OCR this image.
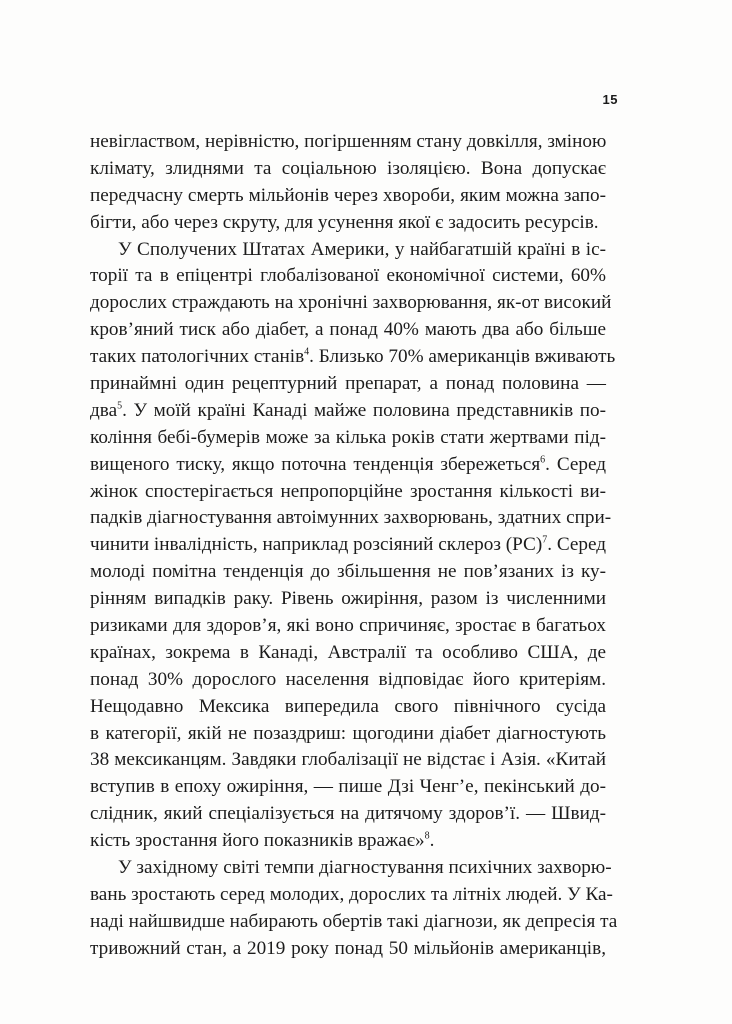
15
невіглаством, нерівністю, погіршенням стану довкілля, зміною
клімату, злиднями та соціальною ізоляцією. Вона допускає
передчасну смерть мільйонів через хвороби, яким можна запо-
бігти, або через скруту, для усунення якої є задосить ресурсів.
У Сполучених Штатах Америки, у найбагатшій країні в іс-
торії та в епіцентрі глобалізованої економічної системи, 60%
дорослих страждають на хронічні захворювання, як-от високий
кров’яний тиск або діабет, а понад 40% мають два або більше
таких патологічних станів$^4$. Близько 70% американців вживають
принаймні один рецептурний препарат, а понад половина —
два$^5$. У моїй країні Канаді майже половина представників по-
коління бебі-бумерів може за кілька років стати жертвами під-
вищеного тиску, якщо поточна тенденція збережеться$^6$. Серед
жінок спостерігається непропорційне зростання кількості ви-
падків діагностування автоімунних захворювань, здатних спри-
чинити інвалідність, наприклад розсіяний склероз (РС)$^7$. Серед
молоді помітна тенденція до збільшення не пов’язаних із ку-
рінням випадків раку. Рівень ожиріння, разом із численними
ризиками для здоров’я, які воно спричиняє, зростає в багатьох
країнах, зокрема в Канаді, Австралії та особливо США, де
понад 30% дорослого населення відповідає його критеріям.
Нещодавно Мексика випередила свого північного сусіда
в категорії, якій не позаздриш: щогодини діабет діагностують
38 мексиканцям. Завдяки глобалізації не відстає і Азія. «Китай
вступив в епоху ожиріння, — пише Дзі Ченг’е, пекінський до-
слідник, який спеціалізується на дитячому здоров’ї. — Швид-
кість зростання його показників вражає»$^8$.
У західному світі темпи діагностування психічних захворю-
вань зростають серед молодих, дорослих та літніх людей. У Ка-
наді найшвидше набирають обертів такі діагнози, як депресія та
тривожний стан, а 2019 року понад 50 мільйонів американців,
